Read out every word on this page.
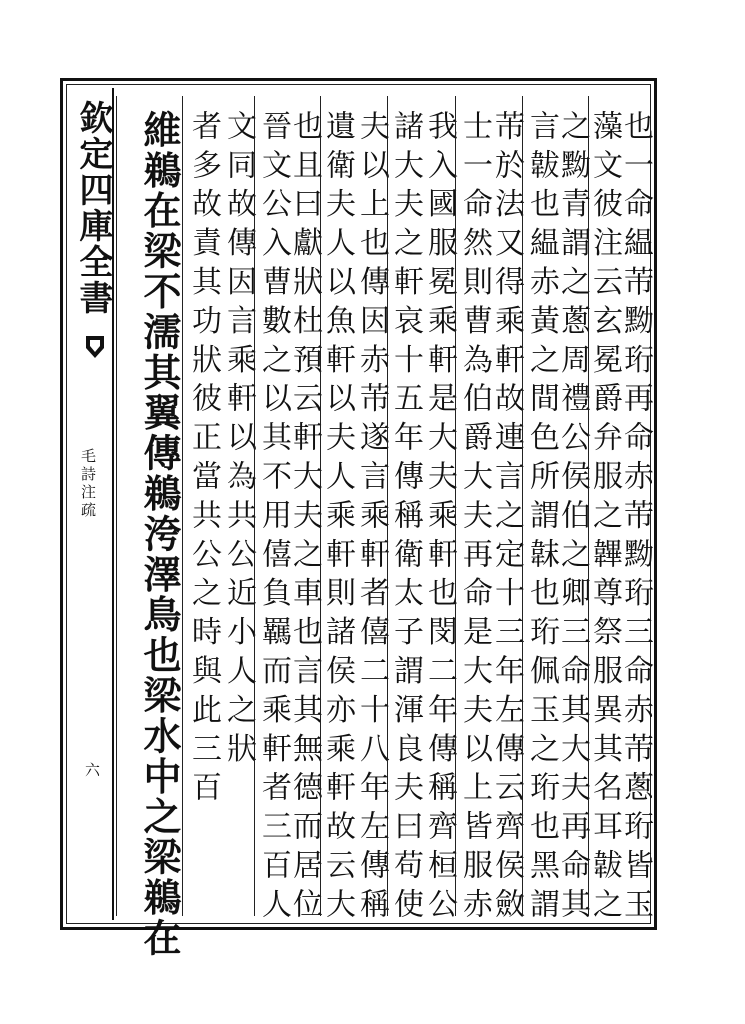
欽定四庫全書
毛詩注疏
六 維鵜在梁不濡其翼傳鵜洿澤鳥也梁水中之梁鵜在 者多故責其功狀彼正當共公之時與此三百 文同故傳因言乘軒以為共公近小人之狀 晉文公入曹數之以其不用僖負羈而乘軒者三百人
也且曰獻狀杜預云軒大夫之車也言其無德而居位
遺衛夫人以魚軒以夫人乘軒則諸侯亦乘軒故云大 夫以上也傳因赤芾遂言乘軒者僖二十八年左傳稱 諸大夫之軒哀十五年傳稱衛太子謂渾良夫曰苟使 我入國服冕乘軒是大夫乘軒也閔二年傳稱齊桓公 士一命然則曹為伯爵大夫再命是大夫以上皆服赤
芾於法又得乘軒故連言之定十三年左傳云齊侯斂 言韍也緼赤黃之間色所謂韎也珩佩玉之珩也黑謂
之黝青謂之蔥周禮公侯伯之卿三命其大夫再命其
藻文彼注云玄冕爵弁服之韠尊祭服異其名耳韍之
也一命緼芾黝珩再命赤芾黝珩三命赤芾蔥珩皆玉
